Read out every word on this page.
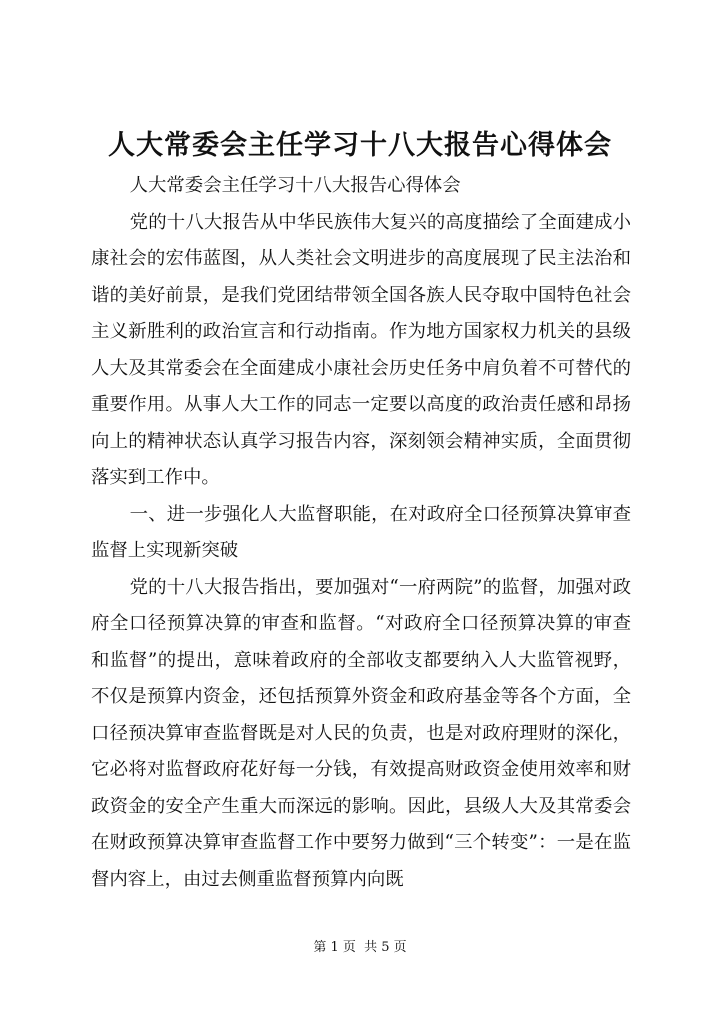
人大常委会主任学习十八大报告心得体会

人大常委会主任学习十八大报告心得体会

党的十八大报告从中华民族伟大复兴的高度描绘了全面建成小康社会的宏伟蓝图，从人类社会文明进步的高度展现了民主法治和谐的美好前景，是我们党团结带领全国各族人民夺取中国特色社会主义新胜利的政治宣言和行动指南。作为地方国家权力机关的县级人大及其常委会在全面建成小康社会历史任务中肩负着不可替代的重要作用。从事人大工作的同志一定要以高度的政治责任感和昂扬向上的精神状态认真学习报告内容，深刻领会精神实质，全面贯彻落实到工作中。

一、进一步强化人大监督职能，在对政府全口径预算决算审查监督上实现新突破

党的十八大报告指出，要加强对“一府两院”的监督，加强对政府全口径预算决算的审查和监督。“对政府全口径预算决算的审查和监督”的提出，意味着政府的全部收支都要纳入人大监管视野，不仅是预算内资金，还包括预算外资金和政府基金等各个方面，全口径预决算审查监督既是对人民的负责，也是对政府理财的深化，它必将对监督政府花好每一分钱，有效提高财政资金使用效率和财政资金的安全产生重大而深远的影响。因此，县级人大及其常委会在财政预算决算审查监督工作中要努力做到“三个转变”：一是在监督内容上，由过去侧重监督预算内向既

第 1 页  共 5 页
